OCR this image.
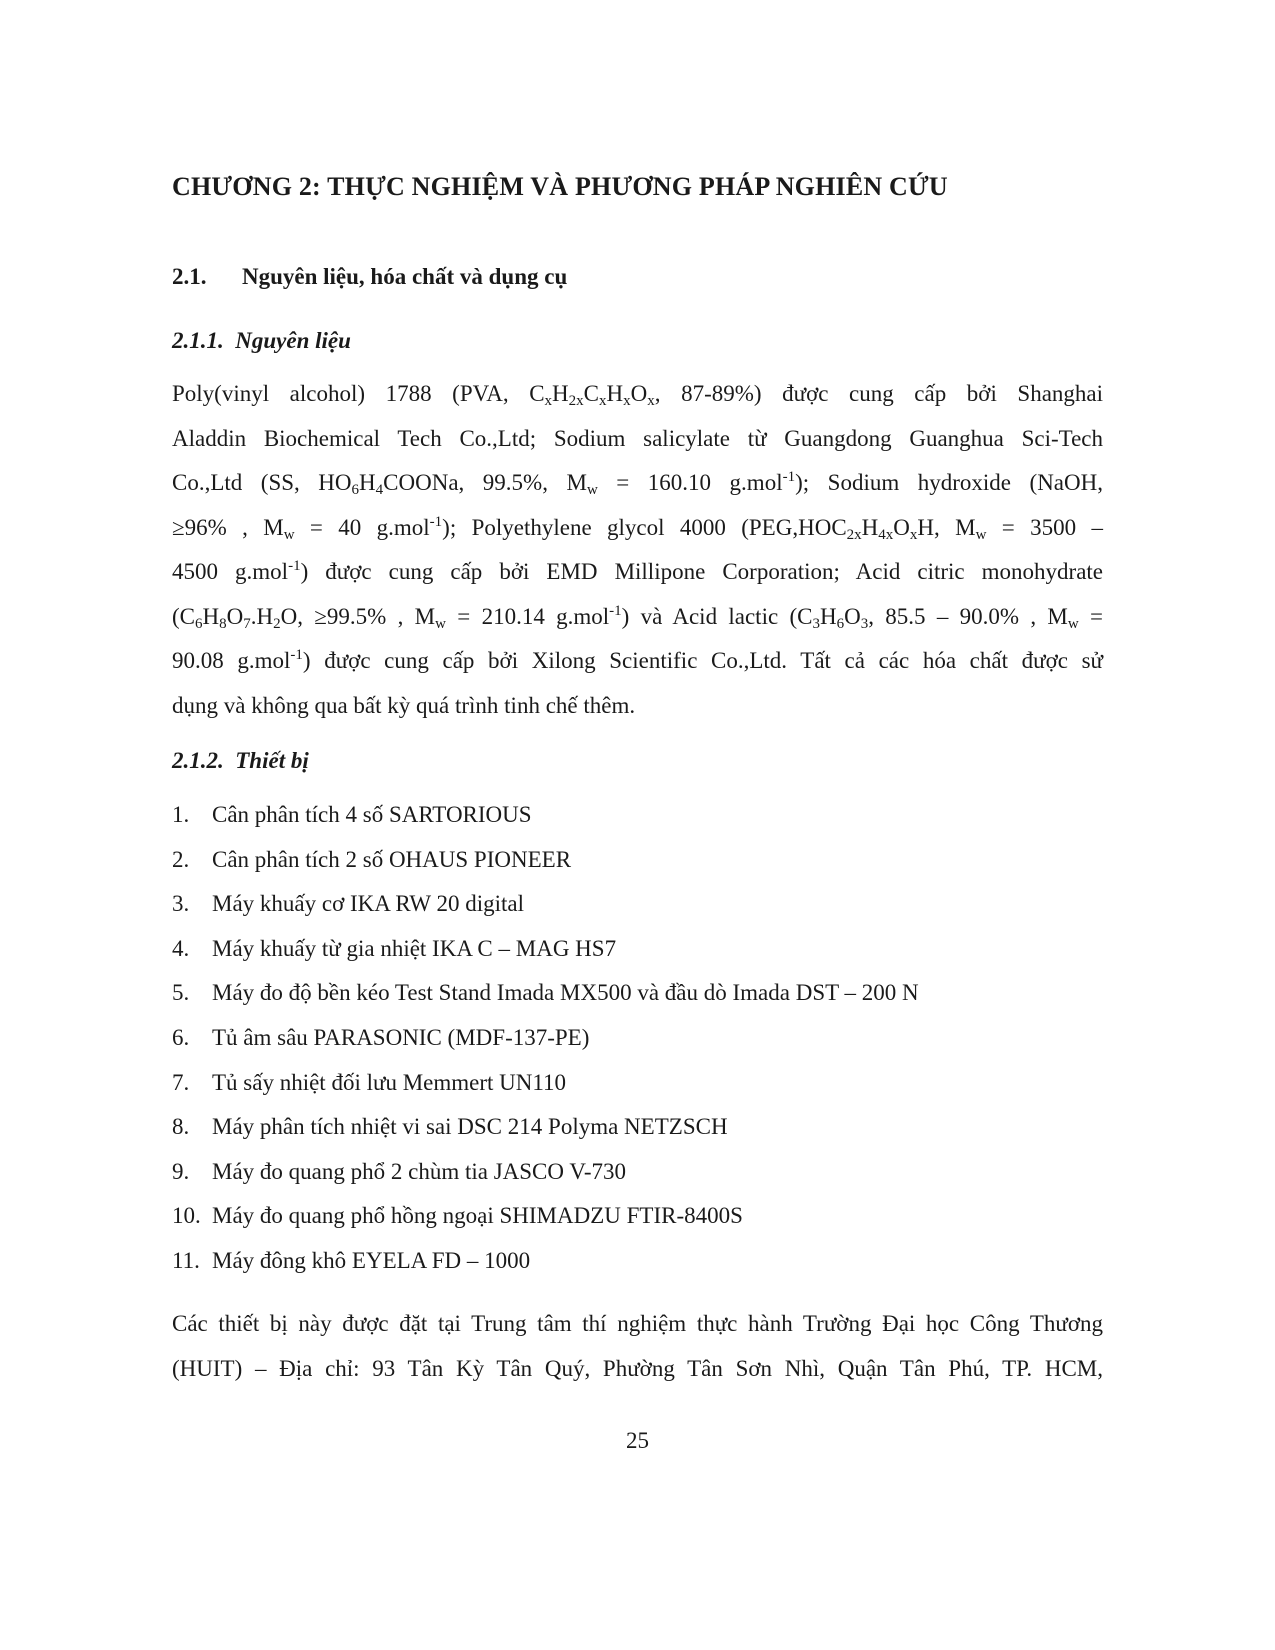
CHƯƠNG 2: THỰC NGHIỆM VÀ PHƯƠNG PHÁP NGHIÊN CỨU
2.1. Nguyên liệu, hóa chất và dụng cụ
2.1.1. Nguyên liệu
Poly(vinyl alcohol) 1788 (PVA, $C_xH_{2x}C_xH_xO_x$, 87-89%) được cung cấp bởi Shanghai
Aladdin Biochemical Tech Co.,Ltd; Sodium salicylate từ Guangdong Guanghua Sci-Tech
Co.,Ltd (SS, $HO_6H_4COONa$, 99.5%, $M_w = 160.10$ g.mol$^{-1}$); Sodium hydroxide (NaOH,
≥96% , $M_w = 40$ g.mol$^{-1}$); Polyethylene glycol 4000 ($PEG,HOC_{2x}H_{4x}O_xH$, $M_w = 3500$ –
4500 g.mol$^{-1}$) được cung cấp bởi EMD Millipone Corporation; Acid citric monohydrate
($C_6H_8O_7.H_2O$, ≥99.5% , $M_w = 210.14$ g.mol$^{-1}$) và Acid lactic ($C_3H_6O_3$, 85.5 – 90.0% , $M_w$ =
90.08 g.mol$^{-1}$) được cung cấp bởi Xilong Scientific Co.,Ltd. Tất cả các hóa chất được sử
dụng và không qua bất kỳ quá trình tinh chế thêm.
2.1.2. Thiết bị
1. Cân phân tích 4 số SARTORIOUS
2. Cân phân tích 2 số OHAUS PIONEER
3. Máy khuấy cơ IKA RW 20 digital
4. Máy khuấy từ gia nhiệt IKA C – MAG HS7
5. Máy đo độ bền kéo Test Stand Imada MX500 và đầu dò Imada DST – 200 N
6. Tủ âm sâu PARASONIC (MDF-137-PE)
7. Tủ sấy nhiệt đối lưu Memmert UN110
8. Máy phân tích nhiệt vi sai DSC 214 Polyma NETZSCH
9. Máy đo quang phổ 2 chùm tia JASCO V-730
10. Máy đo quang phổ hồng ngoại SHIMADZU FTIR-8400S
11. Máy đông khô EYELA FD – 1000
Các thiết bị này được đặt tại Trung tâm thí nghiệm thực hành Trường Đại học Công Thương
(HUIT) – Địa chỉ: 93 Tân Kỳ Tân Quý, Phường Tân Sơn Nhì, Quận Tân Phú, TP. HCM,
25
